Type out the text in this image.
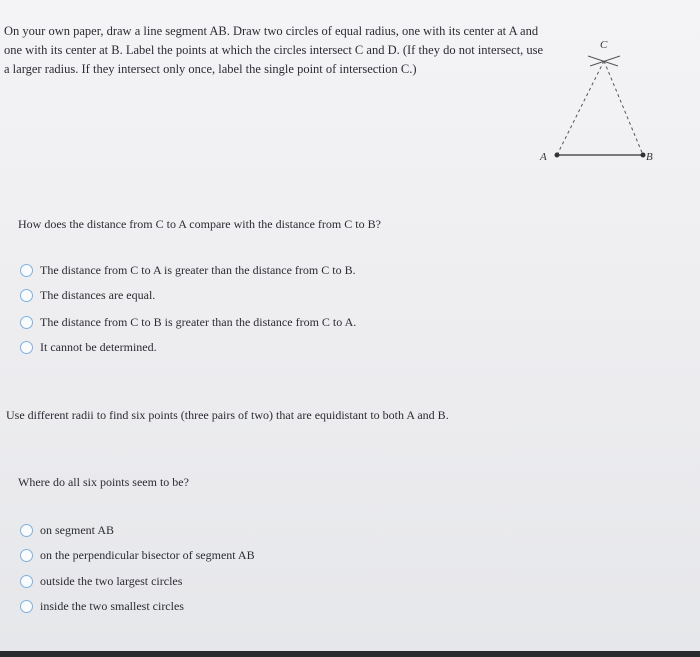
On your own paper, draw a line segment AB. Draw two circles of equal radius, one with its center at A and one with its center at B. Label the points at which the circles intersect C and D. (If they do not intersect, use a larger radius. If they intersect only once, label the single point of intersection C.)
A	B
C
How does the distance from C to A compare with the distance from C to B?
The distance from C to A is greater than the distance from C to B.
The distances are equal.
The distance from C to B is greater than the distance from C to A.
It cannot be determined.
Use different radii to find six points (three pairs of two) that are equidistant to both A and B.
Where do all six points seem to be?
on segment AB
on the perpendicular bisector of segment AB
outside the two largest circles
inside the two smallest circles
